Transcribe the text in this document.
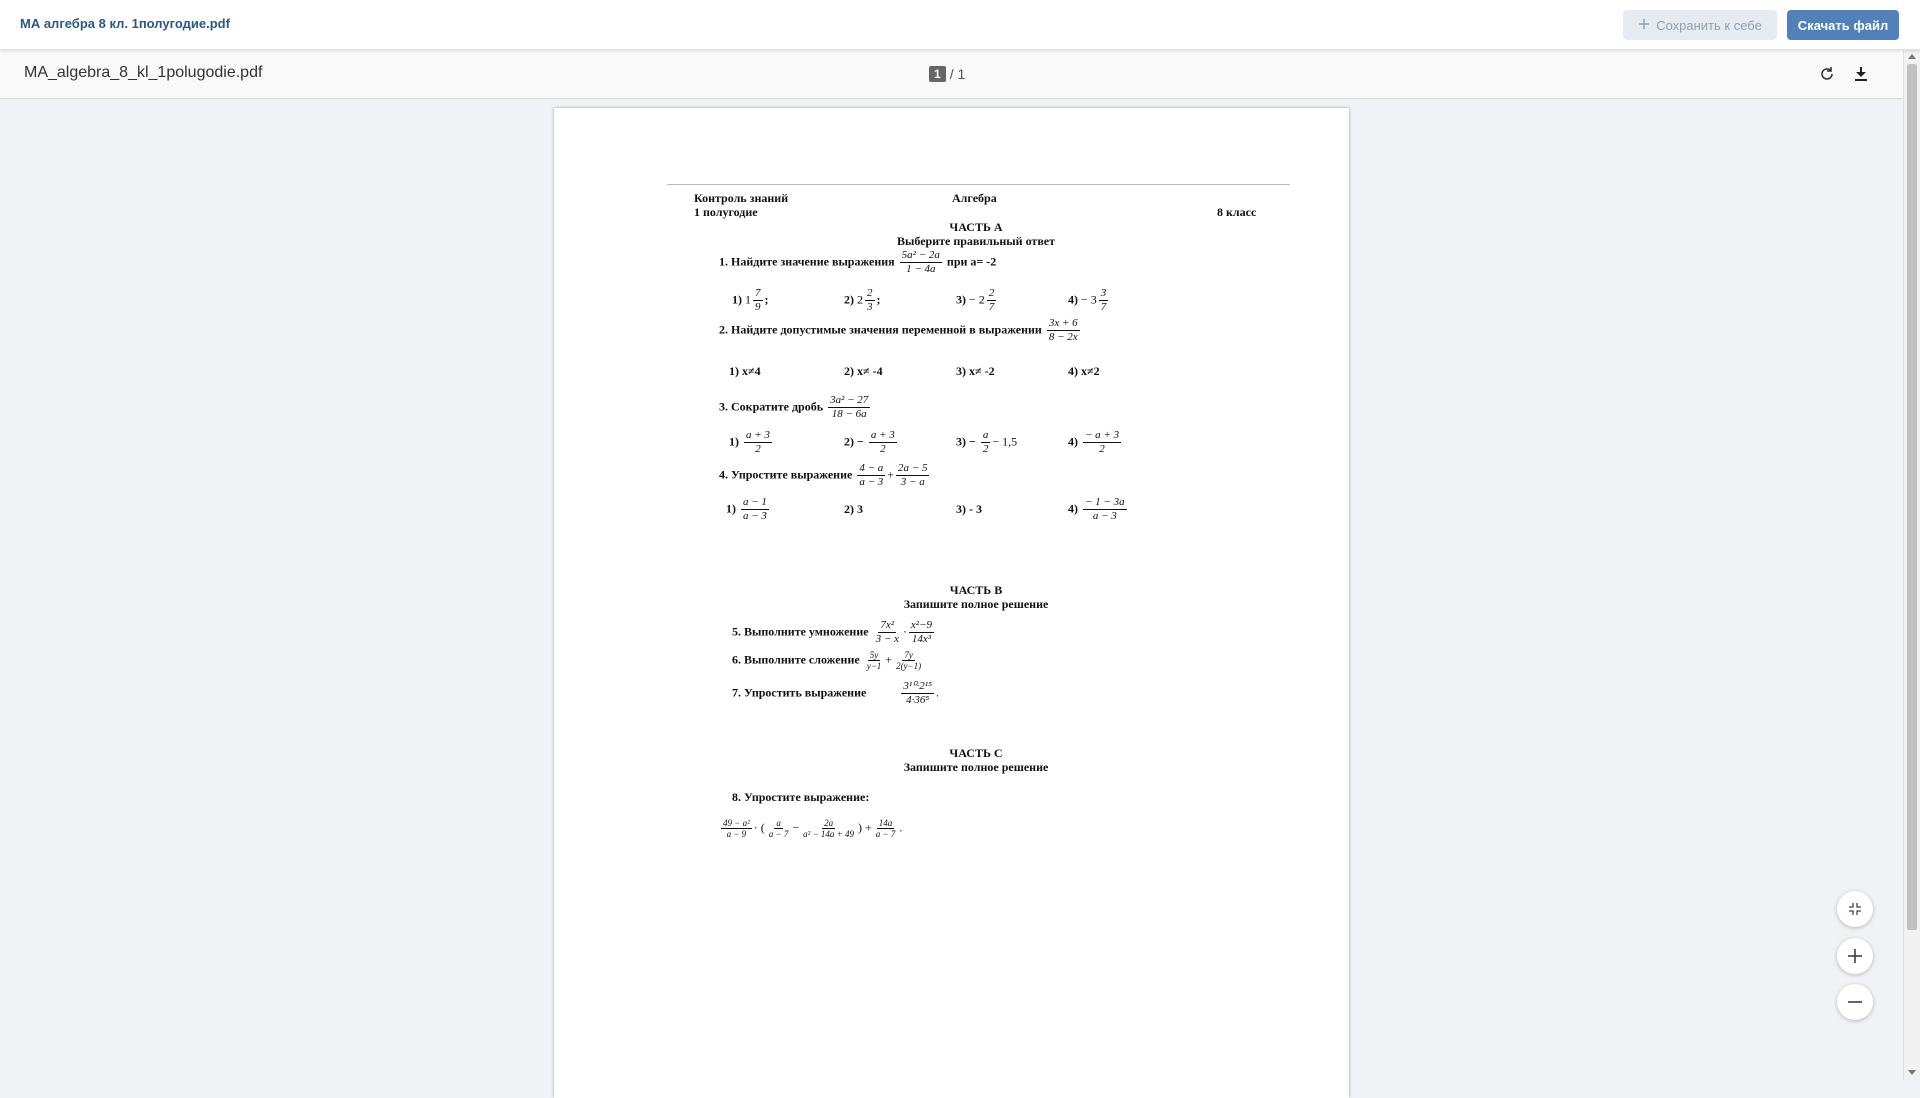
МА алгебра 8 кл. 1полугодие.pdf	Сохранить к себе	Скачать файл
MA_algebra_8_kl_1polugodie.pdf	1 / 1
Контроль знаний	Алгебра
1 полугодие	8 класс
ЧАСТЬ А
Выберите правильный ответ
1. Найдите значение выражения $\frac{\text{5a² − 2a}}{1 - 4a}$ при а= -2
1) $1 \frac{7}{9}$ ;	2) $2 \frac{2}{3}$ ;	$3) - 2 \frac{2}{7}$	$4) - 3 \frac{3}{7}$
2. Найдите допустимые значения переменной в выражении $\frac{3x + 6}{8 - 2x}$
1) x≠4	2) x≠ -4	3) x≠ -2	4) x≠2
3. Сократите дробь $\frac{\text{3a² − 27}}{18 - 6a}$
$1) \frac{a + 3}{2}$	$2) - \frac{a + 3}{2}$	$3) - \frac{a}{2} - 1,5$	$4) \frac{- a + 3}{2}$
4. Упростите выражение $\frac{4 - a}{a - 3} + \frac{2a - 5}{3 - a}$
$1) \frac{a - 1}{a - 3}$	2) 3	3) - 3	$4) \frac{- 1 - 3a}{a - 3}$
ЧАСТЬ В
Запишите полное решение
5. Выполните умножение $\frac{\text{7x²}}{3 - x} \cdot \frac{\text{x²−9}}{\text{14x³}}$
6. Выполните сложение $\frac{5y}{y-1} + \frac{7y}{2(y-1)}$
7. Упростить выражение	$\frac{\text{3¹⁰·2¹⁵}}{\text{4·36⁵}}$ .
ЧАСТЬ С
Запишите полное решение
8. Упростите выражение:
$\frac{\text{49 − a²}}{a - 9}$ · ( $\frac{a}{a - 7} - \frac{2a}{\text{a² − 14a + 49}}$ ) + $\frac{14a}{a - 7}$ .
